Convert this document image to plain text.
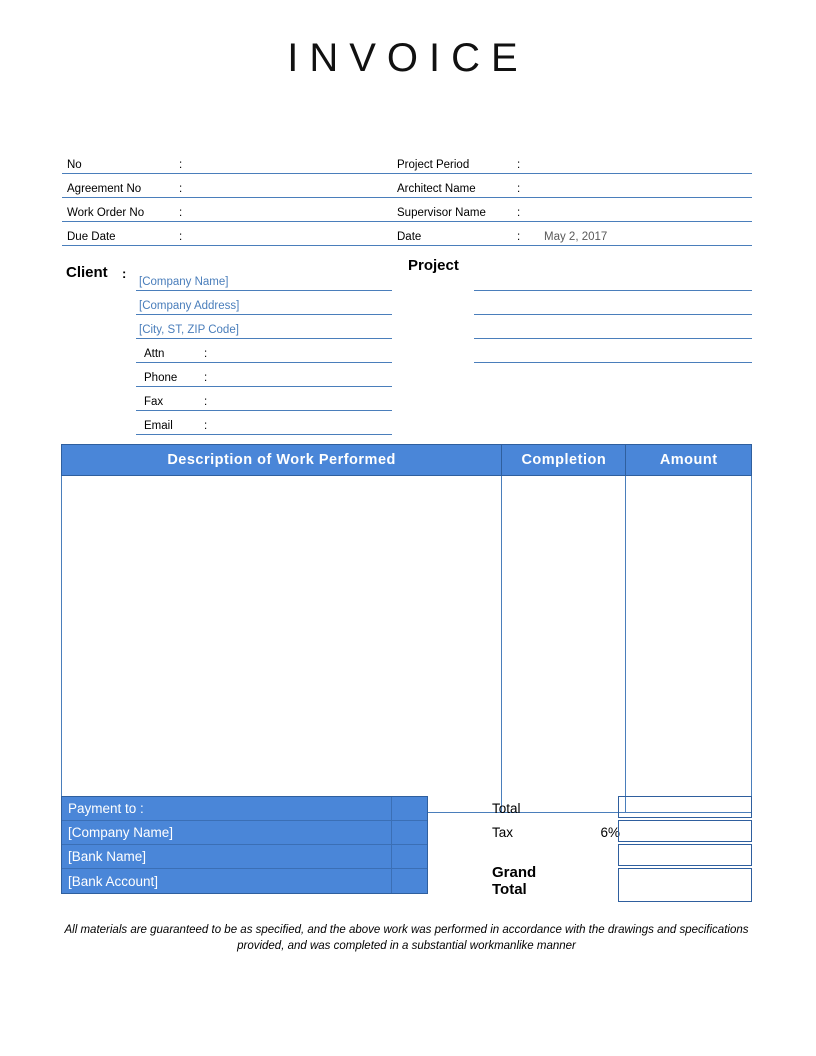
INVOICE
No	:	Project Period	:
Agreement No	:	Architect Name	:
Work Order No	:	Supervisor Name	:
Due Date	:	Date	:	May 2, 2017
Client :	Project
[Company Name]
[Company Address]
[City, ST, ZIP Code]
Attn	:
Phone	:
Fax	:
Email	:
Description of Work Performed	Completion	Amount

Payment to :
[Company Name]
[Bank Name]
[Bank Account]
Total
Tax	6%
Grand Total
All materials are guaranteed to be as specified, and the above work was performed in accordance with the drawings and specifications provided, and was completed in a substantial workmanlike manner
